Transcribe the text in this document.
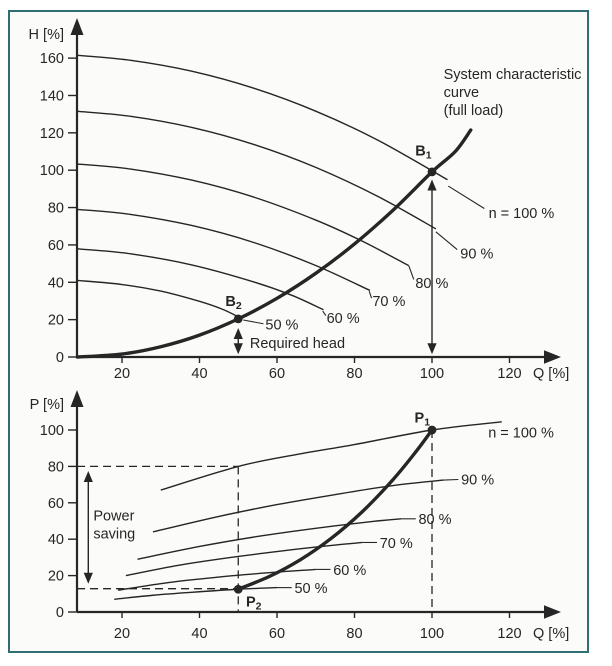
20	40	60	80	100	120
0
20
40
60
80
100
120
140
160
H [%]
Q [%]
n = 100 %
90 %
80 %
70 %
60 %
50 %
System characteristic
curve
(full load)
Required head
$B_1$
$B_2$
20	40	60	80	100	120
0
20
40
60
80
100
P [%]
Q [%]
n = 100 %
90 %
80 %
70 %
60 %
50 %
Power
saving
$P_1$
$P_2$
